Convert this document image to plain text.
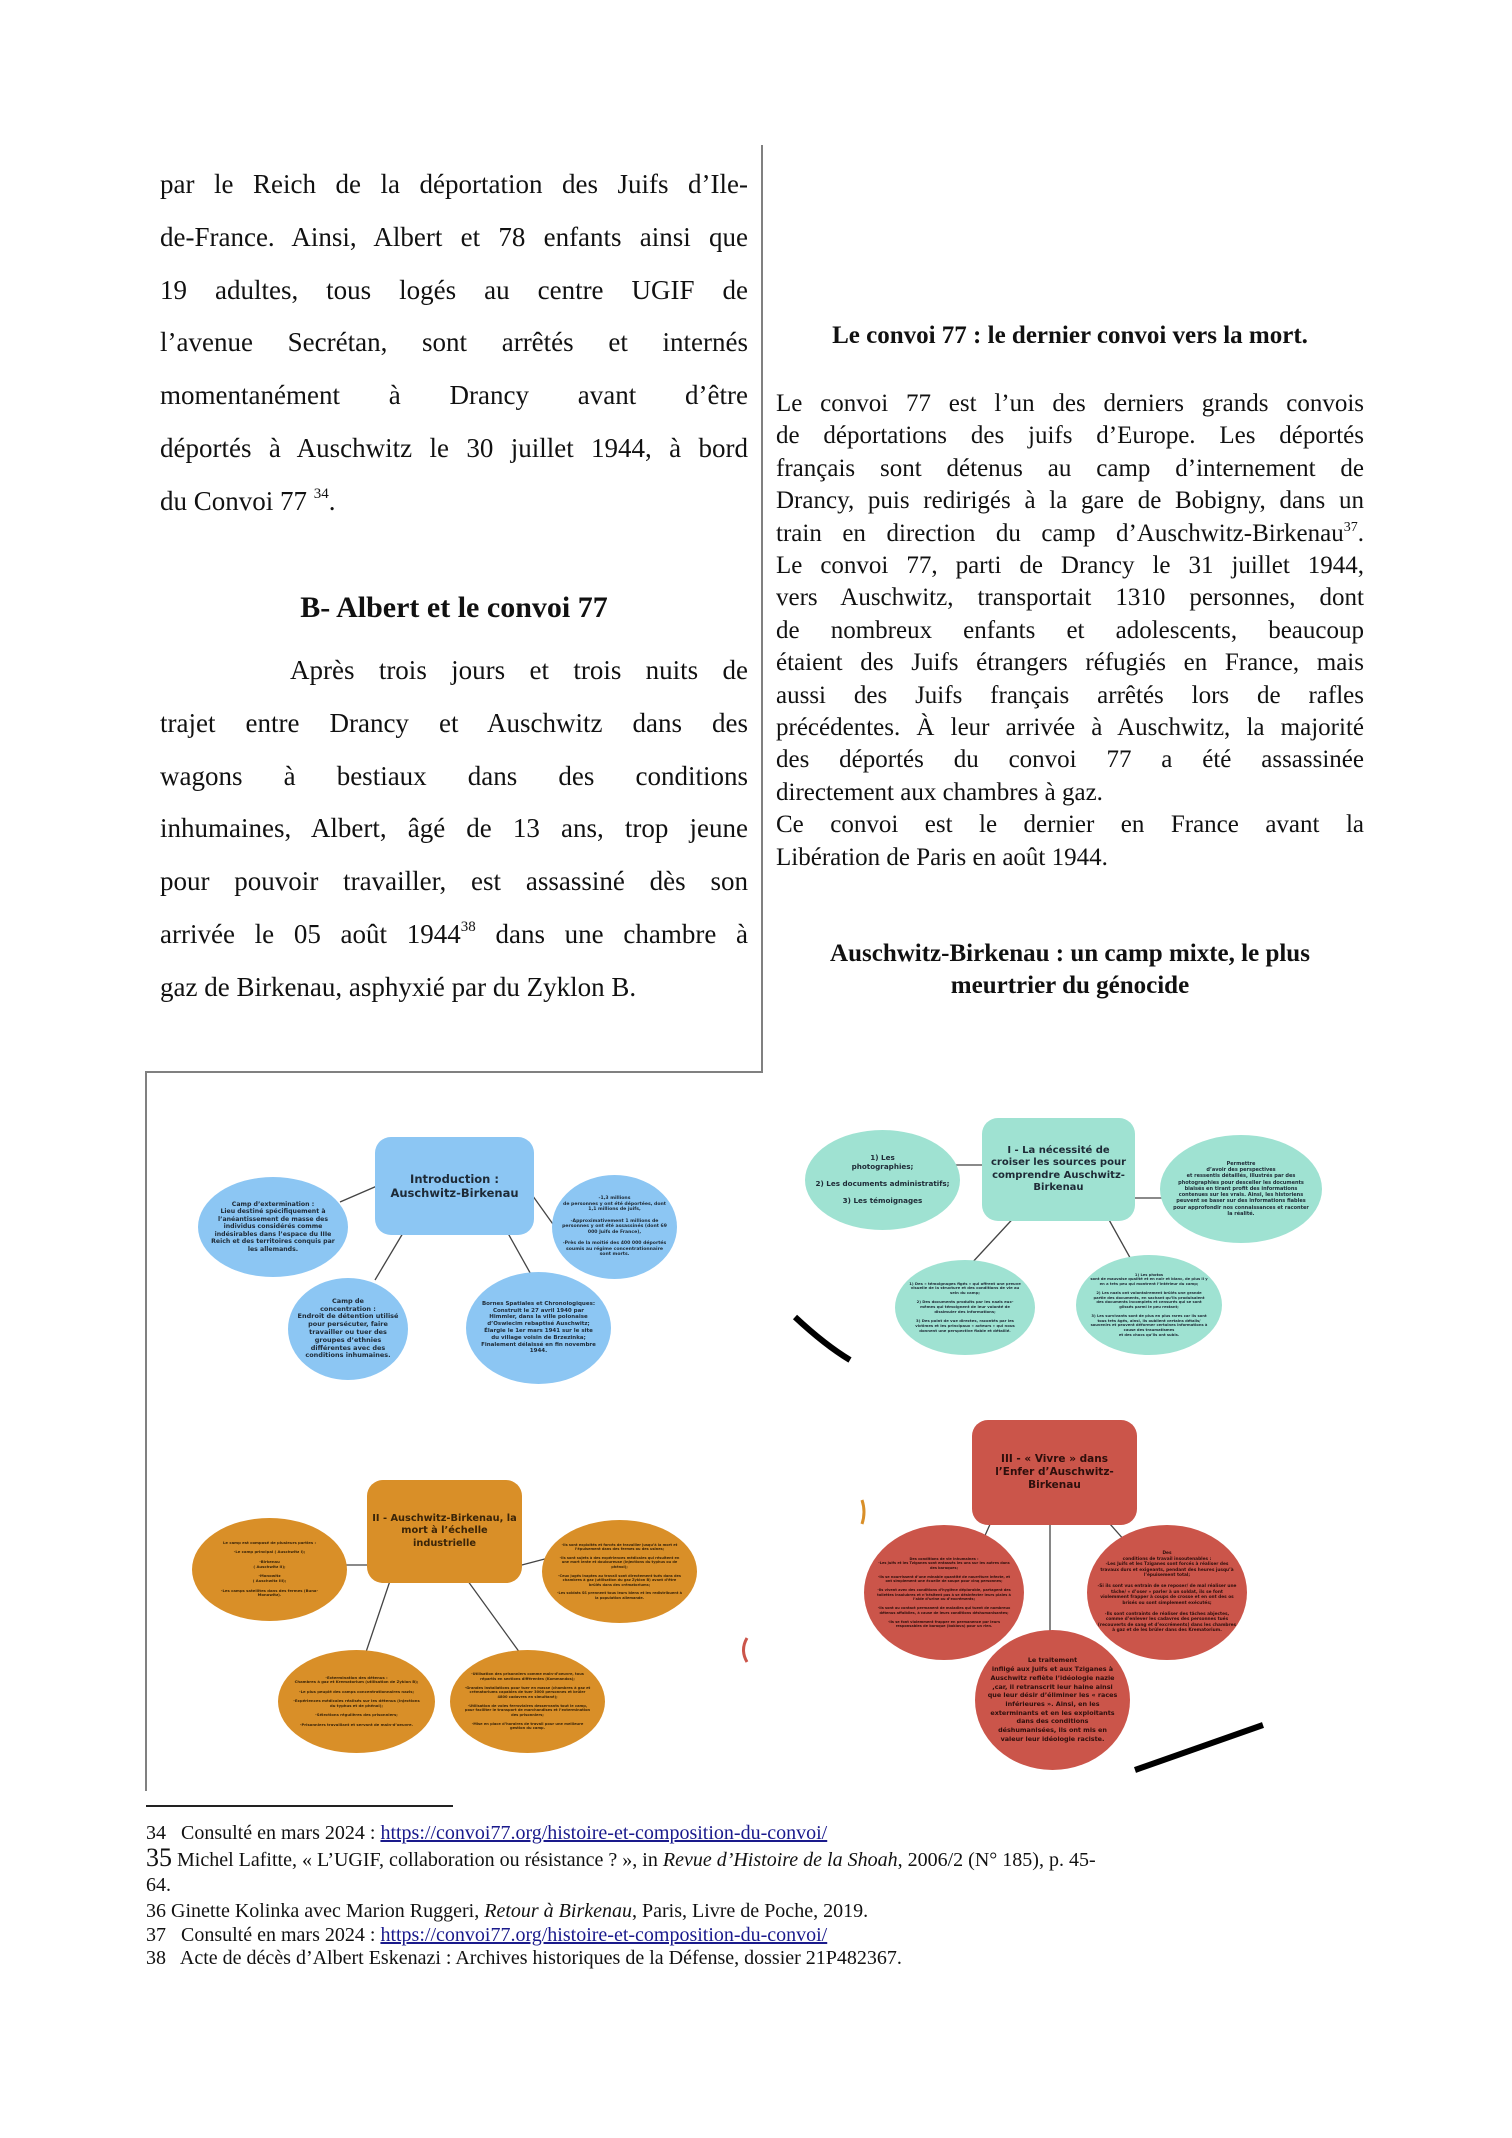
par le Reich de la déportation des Juifs d’Ile-
de-France. Ainsi, Albert et 78 enfants ainsi que
19 adultes, tous logés au centre UGIF de
l’avenue Secrétan, sont arrêtés et internés
momentanément à Drancy avant d’être
déportés à Auschwitz le 30 juillet 1944, à bord
du Convoi 77 $^{34}$.

B- Albert et le convoi 77

Après trois jours et trois nuits de
trajet entre Drancy et Auschwitz dans des
wagons à bestiaux dans des conditions
inhumaines, Albert, âgé de 13 ans, trop jeune
pour pouvoir travailler, est assassiné dès son
arrivée le 05 août 1944$^{38}$ dans une chambre à
gaz de Birkenau, asphyxié par du Zyklon B.

Le convoi 77 : le dernier convoi vers la mort.
Le convoi 77 est l’un des derniers grands convois
de déportations des juifs d’Europe. Les déportés
français sont détenus au camp d’internement de
Drancy, puis redirigés à la gare de Bobigny, dans un
train en direction du camp d’Auschwitz-Birkenau$^{37}$.
Le convoi 77, parti de Drancy le 31 juillet 1944,
vers Auschwitz, transportait 1310 personnes, dont
de nombreux enfants et adolescents, beaucoup
étaient des Juifs étrangers réfugiés en France, mais
aussi des Juifs français arrêtés lors de rafles
précédentes. À leur arrivée à Auschwitz, la majorité
des déportés du convoi 77 a été assassinée
directement aux chambres à gaz.
Ce convoi est le dernier en France avant la
Libération de Paris en août 1944.
Auschwitz-Birkenau : un camp mixte, le plus
meurtrier du génocide
Introduction :
Auschwitz-Birkenau
Camp d’extermination :
Lieu destiné spécifiquement à l’anéantissement de masse des individus considérés comme indésirables dans l’espace du IIIe Reich et des territoires conquis par les allemands.
-1,3 millions
de personnes y ont été déportées, dont 1,1 millions de juifs,

-Approximativement 1 millions de personnes y ont été assassinés (dont 69 000 Juifs de France),

-Près de la moitié des 400 000 déportés soumis au régime concentrationnaire sont morts.
Camp de
concentration :
Endroit de détention utilisé pour persécuter, faire travailler ou tuer des groupes d’ethnies différentes avec des conditions inhumaines.
Bornes Spatiales et Chronologiques:
Construit le 27 avril 1940 par Himmler, dans la ville polonaise d’Oswiecim rebaptisé Auschwitz;
Élargie le 1er mars 1941 sur le site du village voisin de Brzezinka;
Finalement délaissé en fin novembre 1944.
I - La nécessité de croiser les sources pour comprendre Auschwitz-Birkenau
1) Les
photographies;

2) Les documents administratifs;

3) Les témoignages
Permettre
d’avoir des perspectives
et ressentis détaillés, illustrés par des photographies pour desceller les documents biaisés en tirant profit des informations contenues sur les vrais. Ainsi, les historiens peuvent se baser sur des informations fiables pour approfondir nos connaissances et raconter
la réalité.
1) Des « témoignages figés » qui offrent une preuve visuelle de la structure et des conditions de vie au sein du camp;

2) Des documents produits par les nazis eux-mêmes qui témoignent de leur volonté de dissimuler des informations;

3) Des point de vue directes, racontés par les victimes et les principaux « acteurs » qui nous donnent une perspective fiable et détaillé.
1) Les photos
sont de mauvaise qualité et en noir et blanc, de plus il y en a très peu qui montrent l’intérieur du camp;

2) Les nazis ont volontairement brûlés une grande partie des documents, en sachant qu’ils produisaient des documents incomplets et censurés qui se sont glissés parmi le peu restant;

3) Les survivants sont de plus en plus rares car ils sont tous très âgés, ainsi, ils oublient certains détails/ souvenirs et peuvent déformer certaines informations à cause des traumatismes
et des chocs qu’ils ont subis.
II - Auschwitz-Birkenau, la mort à l’échelle industrielle
Le camp est composé de plusieurs parties :

-Le camp principal ( Auschwitz I);

-Birkenau
( Auschwitz II);

-Monowitz
( Auschwitz III);

-Les camps satellites dans des fermes (Buna-Monowitz).
-Ils sont exploités et forcés de travailler jusqu’à la mort et l’épuisement dans des fermes ou des usines;

-Ils sont sujets à des expériences médicales qui résultent en une mort lente et douloureuse (injections du typhus ou de phénol);

-Ceux jugés inaptes au travail sont directement tués dans des chambres à gaz (utilisation du gaz Zyklon B) avant d’être brûlés dans des crématoriums;

-Les soldats SS prennent tous leurs biens et les redistribuent à la population allemande.
-Extermination des détenus :
Chambres à gaz et Krematorium (utilisation de Zyklon B);

-Le plus peuplé des camps concentrationnaires nazis;

-Expériences médicales réalisés sur les détenus (injections du typhus et de phénol);

-Sélections régulières des prisonniers;

-Prisonniers travaillant et servant de main-d’oeuvre.
-Utilisation des prisonniers comme main-d’oeuvre, tous répartis en sections différentes (Kommandos);

-Grandes installations pour tuer en masse (chambres à gaz et crématoriums capables de tuer 3000 personnes et brûler 4800 cadavres en simultané);

-Utilisation de voies ferroviaires desservants tout le camp, pour faciliter le transport de marchandises et l’extermination des prisonniers;

-Mise en place d’horaires de travail pour une meilleure gestion du camp.
III - « Vivre » dans l’Enfer d’Auschwitz-Birkenau
Des conditions de vie inhumaines :
-Les juifs et les Tziganes sont entassés les uns sur les autres dans des baraques;

-Ils se nourrissent d’une minable quantité de nourriture infecte, et ont simplement une écuelle de soupe pour cinq personnes;

-Ils vivent avec des conditions d’hygiène déplorable, partagent des toilettes insalubres et n’hésitent pas à se désinfecter leurs plaies à l’aide d’urine ou d’excréments;

-Ils sont au contact permanent de maladies qui tuent de nombreux détenus affaiblies, à cause de leurs conditions déshumanisantes;

-Ils se font violemment frapper en permanence par leurs responsables de baraque (bokïova) pour un rien.
Des
conditions de travail insoutenables :
-Les Juifs et les Tziganes sont forcés à réaliser des travaux durs et exigeants, pendant des heures jusqu’à l’épuisement total;

-Si ils sont vus entrain de se reposer/ de mal réaliser une tâche/ « d’oser » parler à un soldat, ils se font violemment frapper à coups de crosse et en ont des os brisés ou sont simplement exécutés;

-Ils sont contraints de réaliser des tâches abjectes, comme d’enlever les cadavres des personnes tués (recouverts de sang et d’excréments) dans les chambres à gaz et de les brûler dans des Krematorium.
Le traitement
infligé aux Juifs et aux Tziganes à Auschwitz reflète l’idéologie nazie ,car, il retranscrit leur haine ainsi que leur désir d’éliminer les « races inférieures ». Ainsi, en les exterminants et en les exploitants dans des conditions déshumanisées, ils ont mis en valeur leur idéologie raciste.
34 Consulté en mars 2024 : https://convoi77.org/histoire-et-composition-du-convoi/
35 Michel Lafitte, « L’UGIF, collaboration ou résistance ? », in Revue d’Histoire de la Shoah, 2006/2 (N° 185), p. 45-
64.
36 Ginette Kolinka avec Marion Ruggeri, Retour à Birkenau, Paris, Livre de Poche, 2019.
37 Consulté en mars 2024 : https://convoi77.org/histoire-et-composition-du-convoi/
38 Acte de décès d’Albert Eskenazi : Archives historiques de la Défense, dossier 21P482367.
